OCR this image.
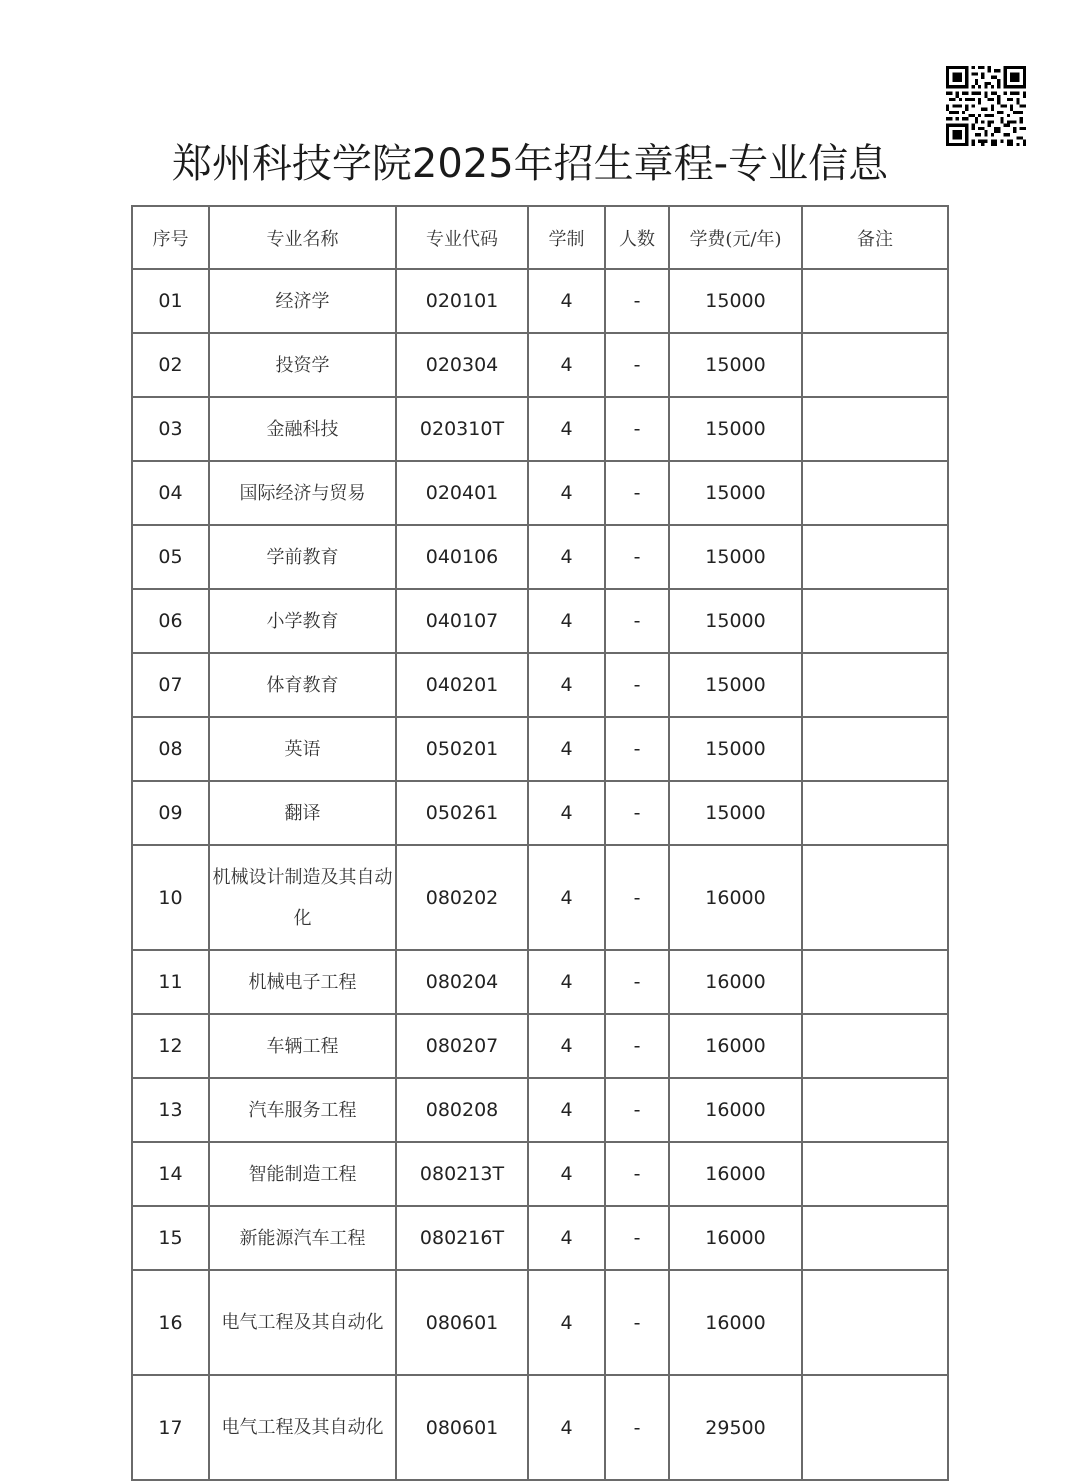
郑州科技学院2025年招生章程-专业信息
序号	专业名称	专业代码	学制	人数	学费(元/年)	备注
01	经济学	020101	4	-	15000	
02	投资学	020304	4	-	15000	
03	金融科技	020310T	4	-	15000	
04	国际经济与贸易	020401	4	-	15000	
05	学前教育	040106	4	-	15000	
06	小学教育	040107	4	-	15000	
07	体育教育	040201	4	-	15000	
08	英语	050201	4	-	15000	
09	翻译	050261	4	-	15000	
10	机械设计制造及其自动化	080202	4	-	16000	
11	机械电子工程	080204	4	-	16000	
12	车辆工程	080207	4	-	16000	
13	汽车服务工程	080208	4	-	16000	
14	智能制造工程	080213T	4	-	16000	
15	新能源汽车工程	080216T	4	-	16000	
16	电气工程及其自动化	080601	4	-	16000	
17	电气工程及其自动化	080601	4	-	29500	
